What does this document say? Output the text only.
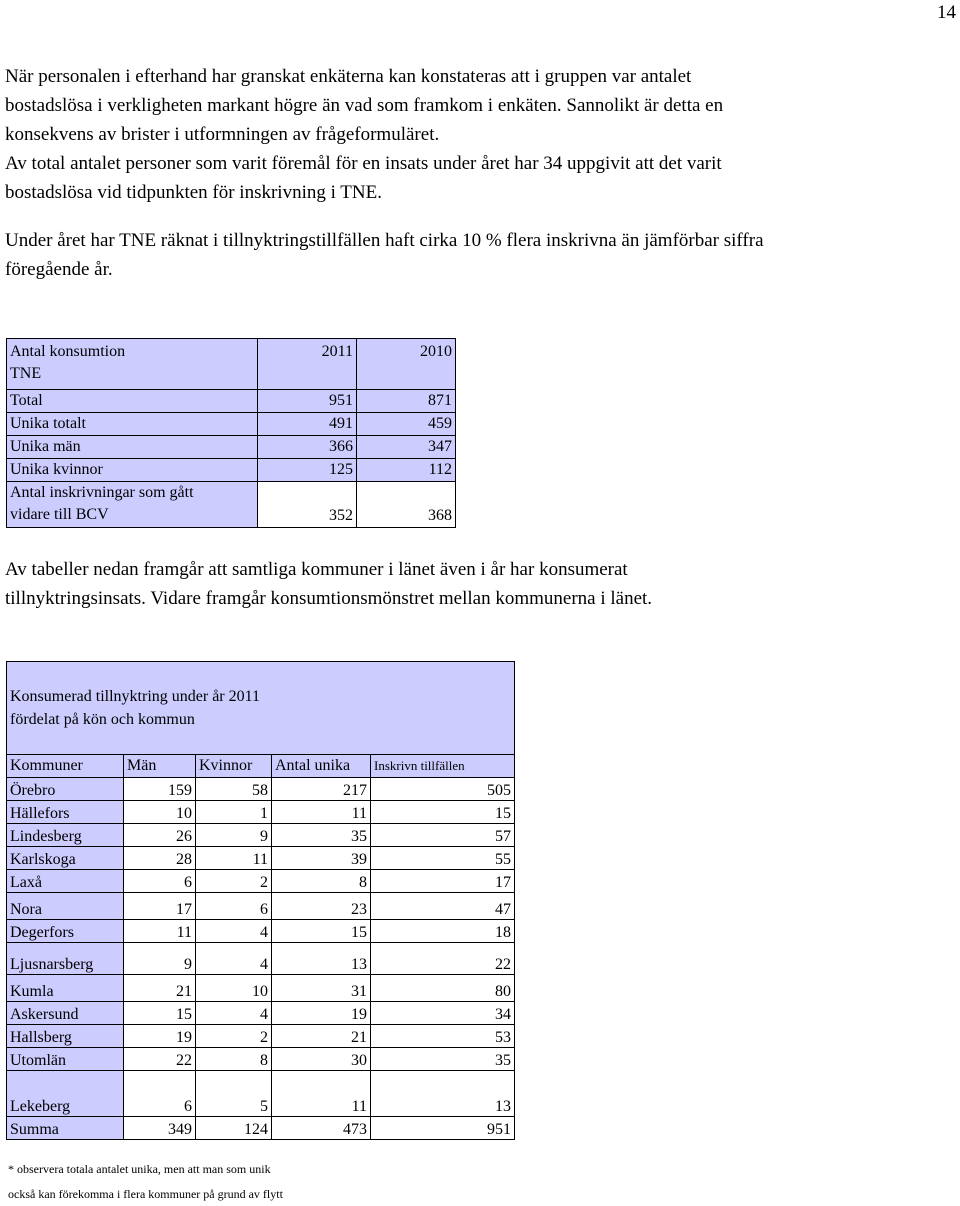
14
När personalen i efterhand har granskat enkäterna kan konstateras att i gruppen var antalet
bostadslösa i verkligheten markant högre än vad som framkom i enkäten. Sannolikt är detta en
konsekvens av brister i utformningen av frågeformuläret.
Av total antalet personer som varit föremål för en insats under året har 34 uppgivit att det varit
bostadslösa vid tidpunkten för inskrivning i TNE.
Under året har TNE räknat i tillnyktringstillfällen haft cirka 10 % flera inskrivna än jämförbar siffra
föregående år.
Antal konsumtion
TNE	2011	2010
Total	951	871
Unika totalt	491	459
Unika män	366	347
Unika kvinnor	125	112

Antal inskrivningar som gått
vidare till BCV	352	368
Av tabeller nedan framgår att samtliga kommuner i länet även i år har konsumerat
tillnyktringsinsats. Vidare framgår konsumtionsmönstret mellan kommunerna i länet.
Konsumerad tillnyktring under år 2011
fördelat på kön och kommun				

Kommuner	Män	Kvinnor	Antal unika	Inskrivn tillfällen
Örebro	159	58	217	505
Hällefors	10	1	11	15
Lindesberg	26	9	35	57
Karlskoga	28	11	39	55
Laxå	6	2	8	17
Nora	17	6	23	47
Degerfors	11	4	15	18
Ljusnarsberg	9	4	13	22
Kumla	21	10	31	80
Askersund	15	4	19	34
Hallsberg	19	2	21	53
Utomlän	22	8	30	35
Lekeberg	6	5	11	13
Summa	349	124	473	951
* observera totala antalet unika, men att man som unik
också kan förekomma i flera kommuner på grund av flytt
